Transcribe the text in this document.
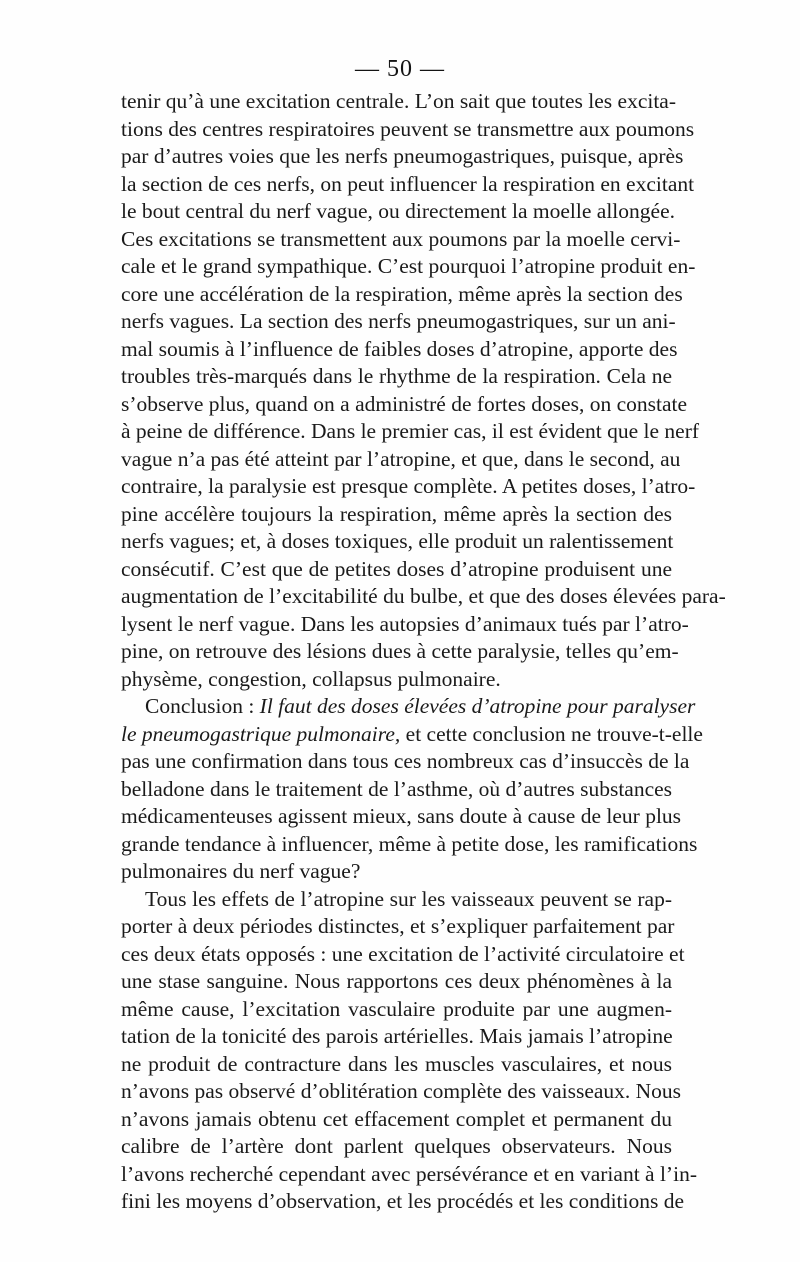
— 50 —
tenir qu’à une excitation centrale. L’on sait que toutes les excita-
tions des centres respiratoires peuvent se transmettre aux poumons
par d’autres voies que les nerfs pneumogastriques, puisque, après
la section de ces nerfs, on peut influencer la respiration en excitant
le bout central du nerf vague, ou directement la moelle allongée.
Ces excitations se transmettent aux poumons par la moelle cervi-
cale et le grand sympathique. C’est pourquoi l’atropine produit en-
core une accélération de la respiration, même après la section des
nerfs vagues. La section des nerfs pneumogastriques, sur un ani-
mal soumis à l’influence de faibles doses d’atropine, apporte des
troubles très-marqués dans le rhythme de la respiration. Cela ne
s’observe plus, quand on a administré de fortes doses, on constate
à peine de différence. Dans le premier cas, il est évident que le nerf
vague n’a pas été atteint par l’atropine, et que, dans le second, au
contraire, la paralysie est presque complète. A petites doses, l’atro-
pine accélère toujours la respiration, même après la section des
nerfs vagues; et, à doses toxiques, elle produit un ralentissement
consécutif. C’est que de petites doses d’atropine produisent une
augmentation de l’excitabilité du bulbe, et que des doses élevées para-
lysent le nerf vague. Dans les autopsies d’animaux tués par l’atro-
pine, on retrouve des lésions dues à cette paralysie, telles qu’em-
physème, congestion, collapsus pulmonaire.
Conclusion : Il faut des doses élevées d’atropine pour paralyser
le pneumogastrique pulmonaire, et cette conclusion ne trouve-t-elle
pas une confirmation dans tous ces nombreux cas d’insuccès de la
belladone dans le traitement de l’asthme, où d’autres substances
médicamenteuses agissent mieux, sans doute à cause de leur plus
grande tendance à influencer, même à petite dose, les ramifications
pulmonaires du nerf vague?
Tous les effets de l’atropine sur les vaisseaux peuvent se rap-
porter à deux périodes distinctes, et s’expliquer parfaitement par
ces deux états opposés : une excitation de l’activité circulatoire et
une stase sanguine. Nous rapportons ces deux phénomènes à la
même cause, l’excitation vasculaire produite par une augmen-
tation de la tonicité des parois artérielles. Mais jamais l’atropine
ne produit de contracture dans les muscles vasculaires, et nous
n’avons pas observé d’oblitération complète des vaisseaux. Nous
n’avons jamais obtenu cet effacement complet et permanent du
calibre de l’artère dont parlent quelques observateurs. Nous
l’avons recherché cependant avec persévérance et en variant à l’in-
fini les moyens d’observation, et les procédés et les conditions de
